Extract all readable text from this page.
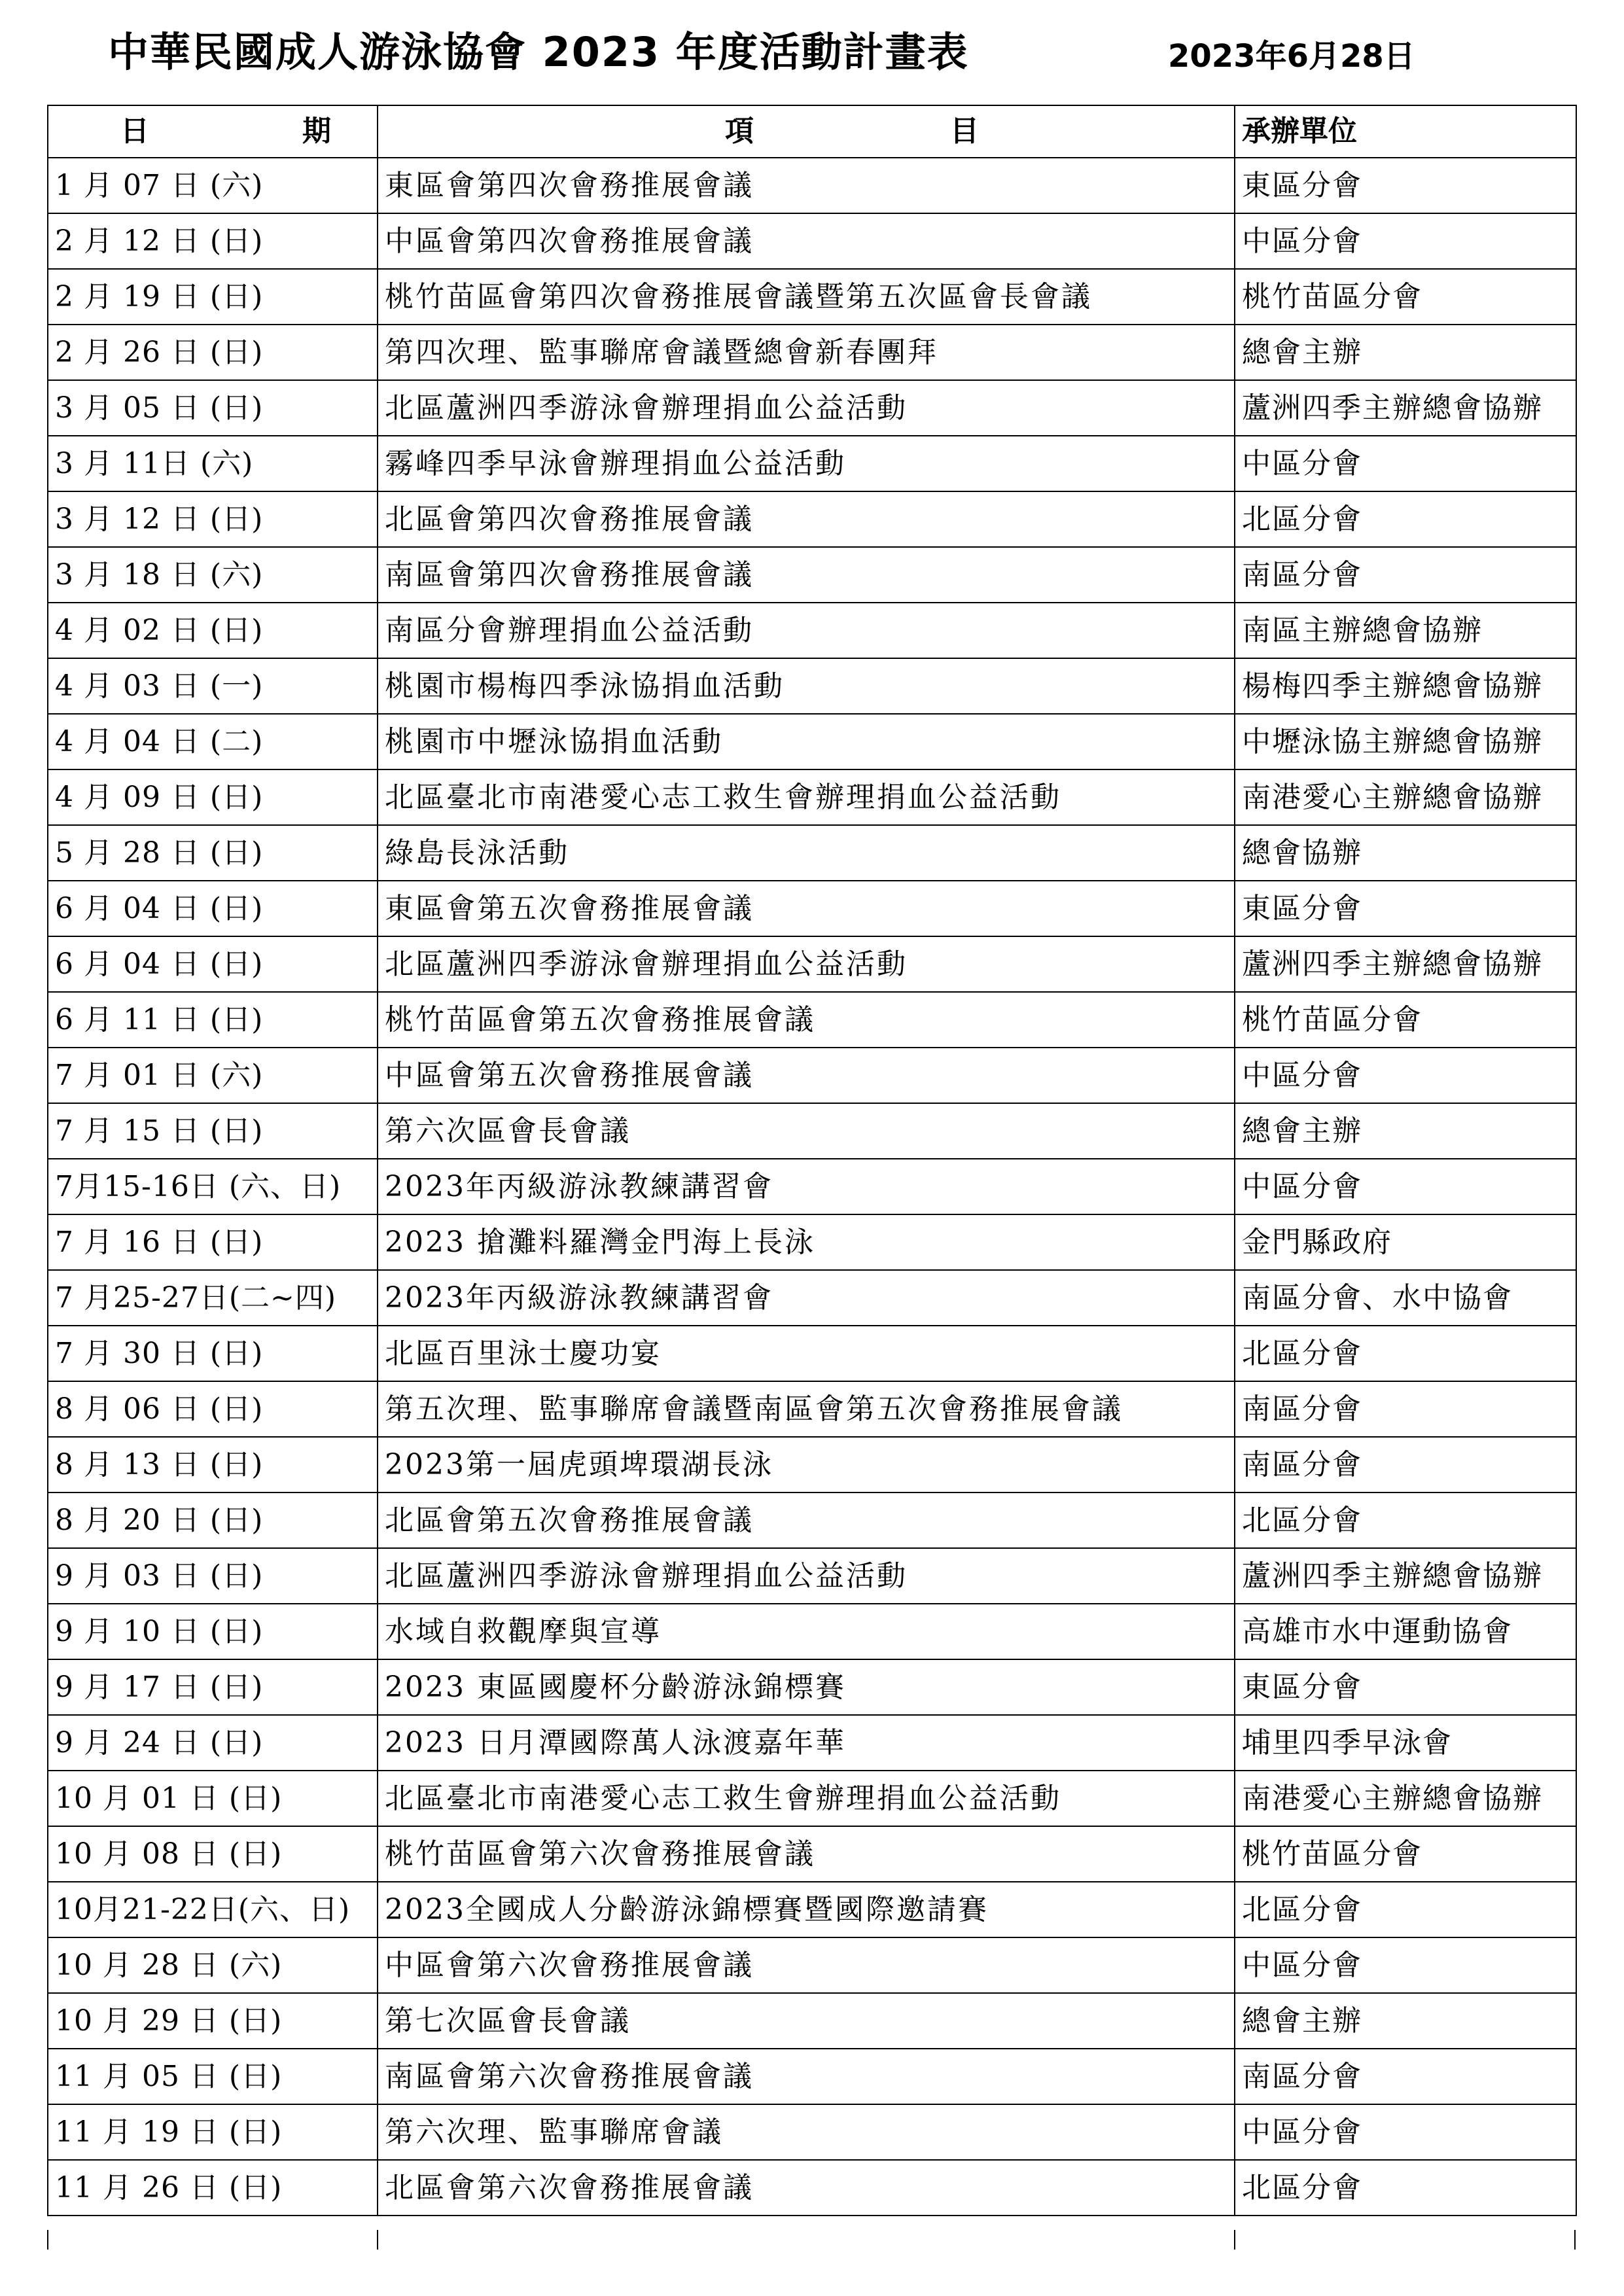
中華民國成人游泳協會 2023 年度活動計畫表	2023年6月28日
日 期	項 目	承辦單位
1 月 07 日 (六)	東區會第四次會務推展會議	東區分會
2 月 12 日 (日)	中區會第四次會務推展會議	中區分會
2 月 19 日 (日)	桃竹苗區會第四次會務推展會議暨第五次區會長會議	桃竹苗區分會
2 月 26 日 (日)	第四次理、監事聯席會議暨總會新春團拜	總會主辦
3 月 05 日 (日)	北區蘆洲四季游泳會辦理捐血公益活動	蘆洲四季主辦總會協辦
3 月 11日 (六)	霧峰四季早泳會辦理捐血公益活動	中區分會
3 月 12 日 (日)	北區會第四次會務推展會議	北區分會
3 月 18 日 (六)	南區會第四次會務推展會議	南區分會
4 月 02 日 (日)	南區分會辦理捐血公益活動	南區主辦總會協辦
4 月 03 日 (一)	桃園市楊梅四季泳協捐血活動	楊梅四季主辦總會協辦
4 月 04 日 (二)	桃園市中壢泳協捐血活動	中壢泳協主辦總會協辦
4 月 09 日 (日)	北區臺北市南港愛心志工救生會辦理捐血公益活動	南港愛心主辦總會協辦
5 月 28 日 (日)	綠島長泳活動	總會協辦
6 月 04 日 (日)	東區會第五次會務推展會議	東區分會
6 月 04 日 (日)	北區蘆洲四季游泳會辦理捐血公益活動	蘆洲四季主辦總會協辦
6 月 11 日 (日)	桃竹苗區會第五次會務推展會議	桃竹苗區分會
7 月 01 日 (六)	中區會第五次會務推展會議	中區分會
7 月 15 日 (日)	第六次區會長會議	總會主辦
7月15-16日 (六、日)	2023年丙級游泳教練講習會	中區分會
7 月 16 日 (日)	2023 搶灘料羅灣金門海上長泳	金門縣政府
7 月25-27日(二~四)	2023年丙級游泳教練講習會	南區分會、水中協會
7 月 30 日 (日)	北區百里泳士慶功宴	北區分會
8 月 06 日 (日)	第五次理、監事聯席會議暨南區會第五次會務推展會議	南區分會
8 月 13 日 (日)	2023第一屆虎頭埤環湖長泳	南區分會
8 月 20 日 (日)	北區會第五次會務推展會議	北區分會
9 月 03 日 (日)	北區蘆洲四季游泳會辦理捐血公益活動	蘆洲四季主辦總會協辦
9 月 10 日 (日)	水域自救觀摩與宣導	高雄市水中運動協會
9 月 17 日 (日)	2023 東區國慶杯分齡游泳錦標賽	東區分會
9 月 24 日 (日)	2023 日月潭國際萬人泳渡嘉年華	埔里四季早泳會
10 月 01 日 (日)	北區臺北市南港愛心志工救生會辦理捐血公益活動	南港愛心主辦總會協辦
10 月 08 日 (日)	桃竹苗區會第六次會務推展會議	桃竹苗區分會
10月21-22日(六、日)	2023全國成人分齡游泳錦標賽暨國際邀請賽	北區分會
10 月 28 日 (六)	中區會第六次會務推展會議	中區分會
10 月 29 日 (日)	第七次區會長會議	總會主辦
11 月 05 日 (日)	南區會第六次會務推展會議	南區分會
11 月 19 日 (日)	第六次理、監事聯席會議	中區分會
11 月 26 日 (日)	北區會第六次會務推展會議	北區分會
